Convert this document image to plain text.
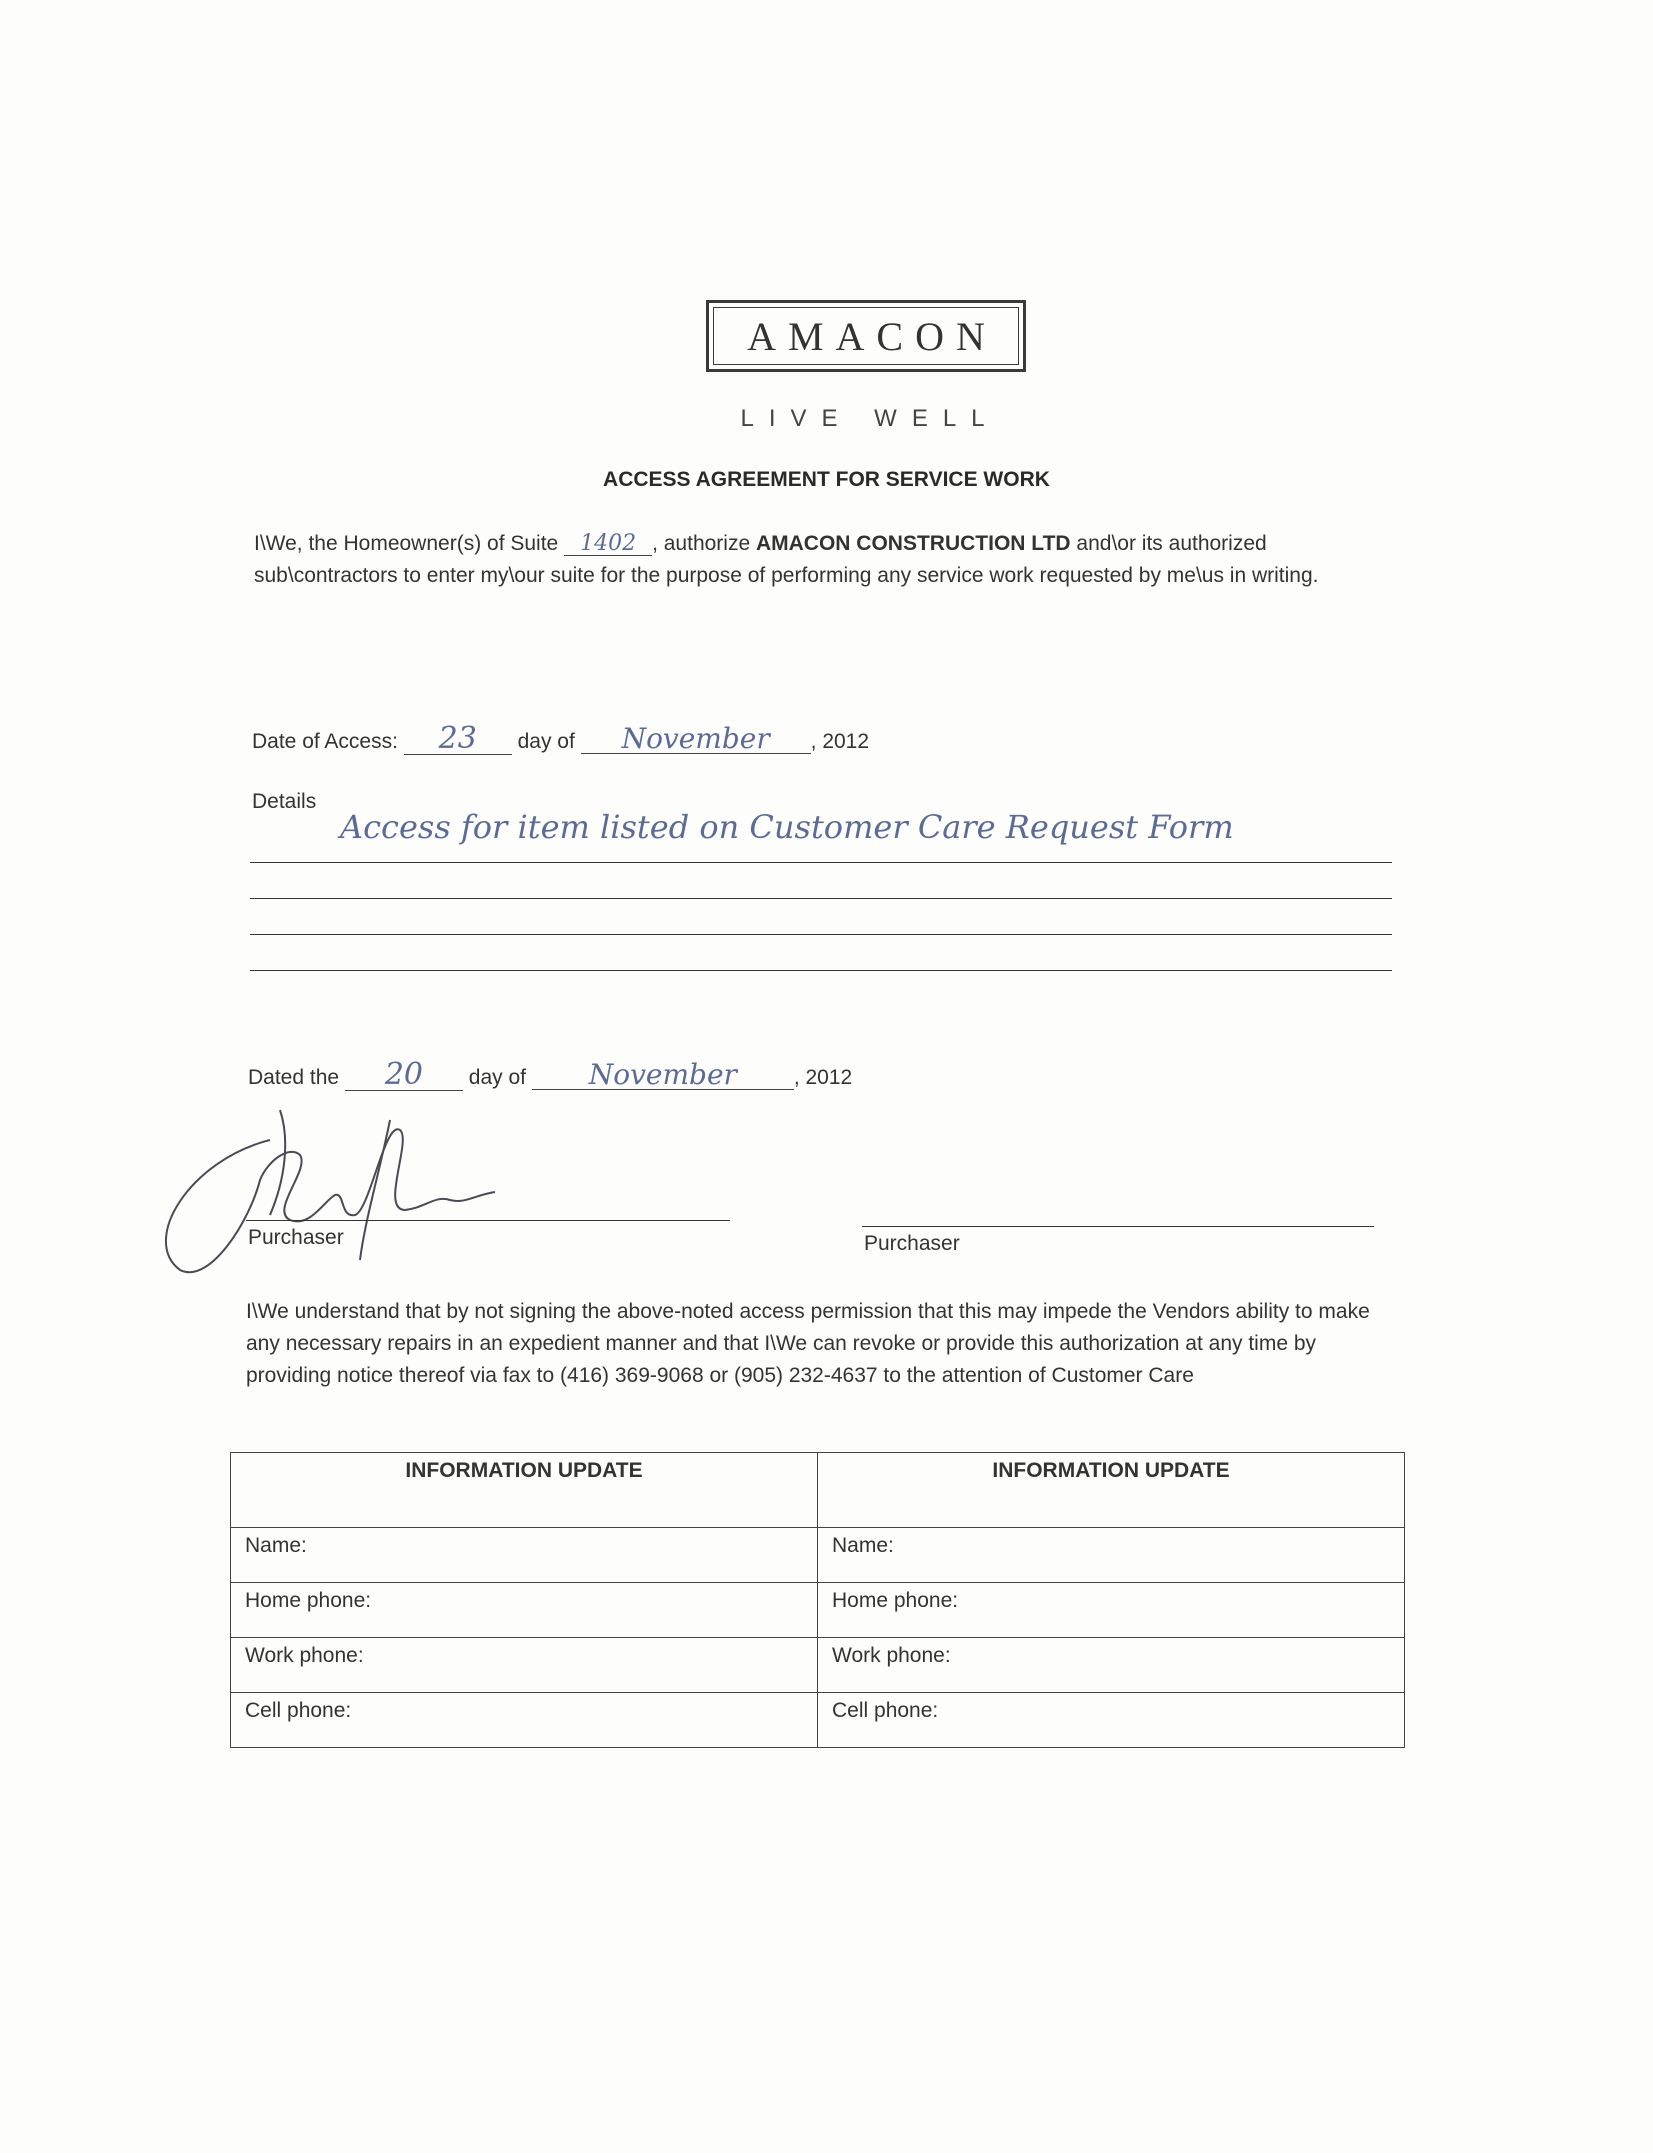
AMACON
LIVE WELL
ACCESS AGREEMENT FOR SERVICE WORK
I\We, the Homeowner(s) of Suite 1402 , authorize AMACON CONSTRUCTION LTD and\or its authorized sub\contractors to enter my\our suite for the purpose of performing any service work requested by me\us in writing.
Date of Access: 23 day of November , 2012
Details
Access for item listed on Customer Care Request Form
Dated the 20 day of November	, 2012
Purchaser	Purchaser
I\We understand that by not signing the above-noted access permission that this may impede the Vendors ability to make any necessary repairs in an expedient manner and that I\We can revoke or provide this authorization at any time by providing notice thereof via fax to (416) 369-9068 or (905) 232-4637 to the attention of Customer Care
INFORMATION UPDATE	INFORMATION UPDATE
Name:	Name:
Home phone:	Home phone:
Work phone:	Work phone:
Cell phone:	Cell phone:
